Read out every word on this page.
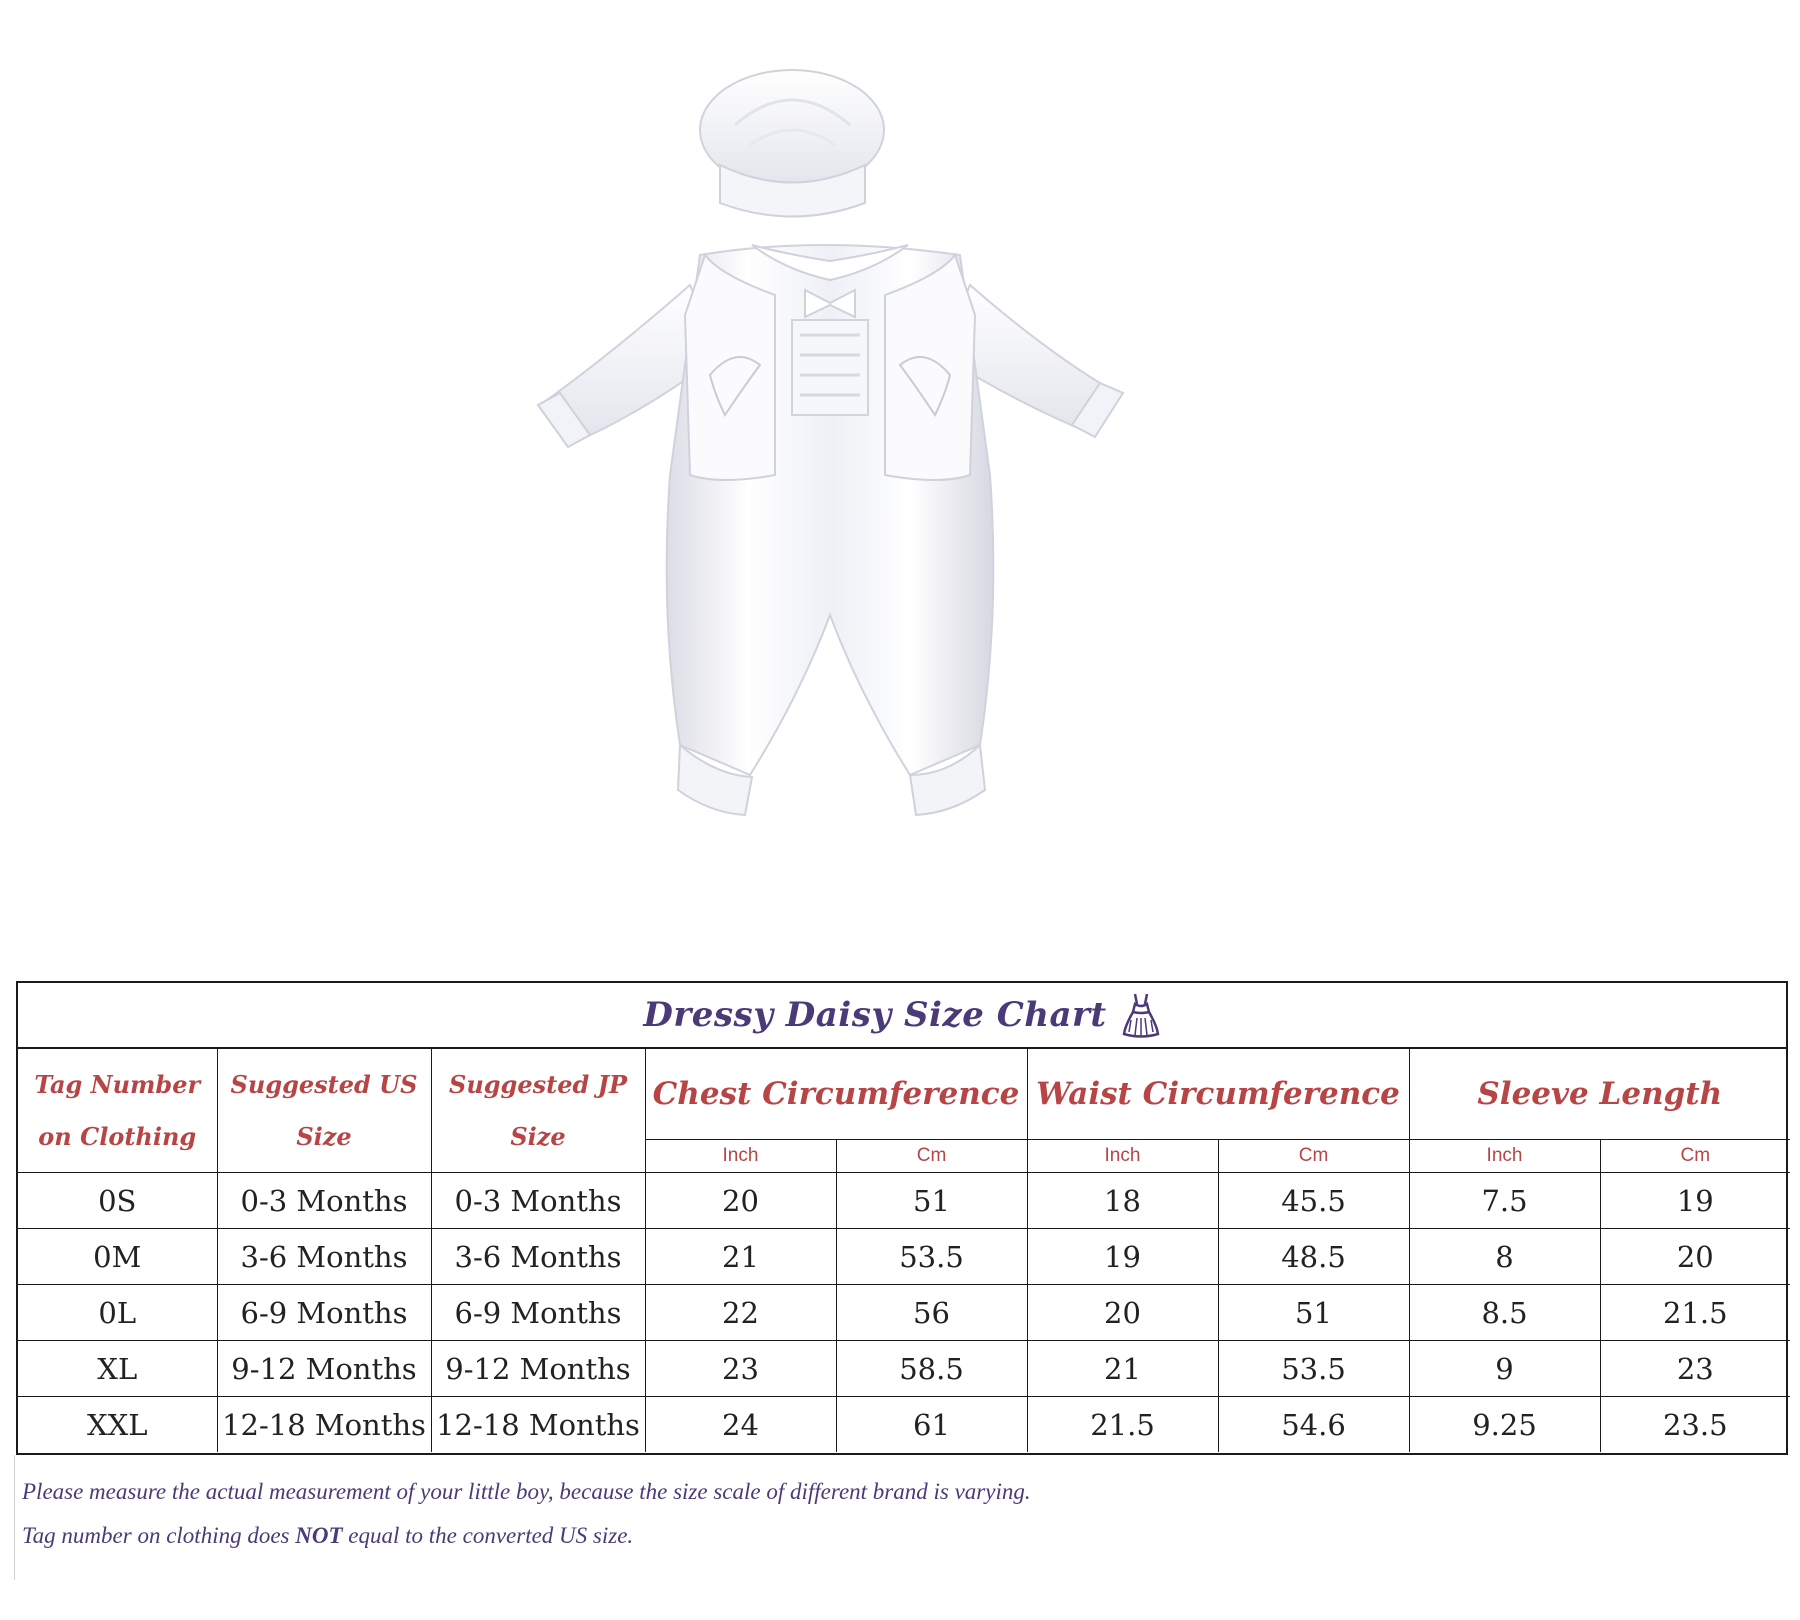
Dressy Daisy Size Chart
Tag Number on Clothing	Suggested US Size	Suggested JP Size	Chest Circumference		Waist Circumference		Sleeve Length	
			Inch	Cm	Inch	Cm	Inch	Cm
0S	0-3 Months	0-3 Months	20	51	18	45.5	7.5	19
0M	3-6 Months	3-6 Months	21	53.5	19	48.5	8	20
0L	6-9 Months	6-9 Months	22	56	20	51	8.5	21.5
XL	9-12 Months	9-12 Months	23	58.5	21	53.5	9	23
XXL	12-18 Months	12-18 Months	24	61	21.5	54.6	9.25	23.5

Please measure the actual measurement of your little boy, because the size scale of different brand is varying.

Tag number on clothing does NOT equal to the converted US size.
